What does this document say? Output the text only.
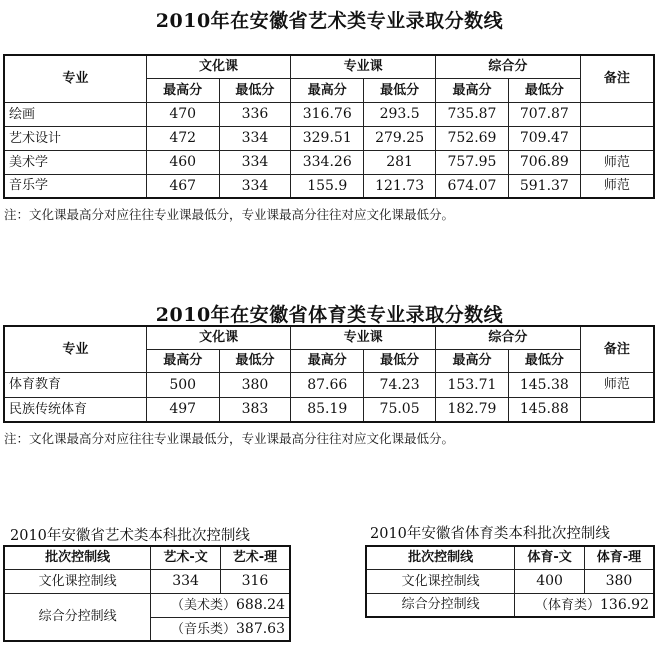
2010年在安徽省艺术类专业录取分数线
专业	文化课		专业课		综合分		备注
	最高分	最低分	最高分	最低分	最高分	最低分	
绘画	470	336	316.76	293.5	735.87	707.87	
艺术设计	472	334	329.51	279.25	752.69	709.47	
美术学	460	334	334.26	281	757.95	706.89	师范
音乐学	467	334	155.9	121.73	674.07	591.37	师范
注：文化课最高分对应往往专业课最低分，专业课最高分往往对应文化课最低分。
2010年在安徽省体育类专业录取分数线
专业	文化课		专业课		综合分		备注
	最高分	最低分	最高分	最低分	最高分	最低分	
体育教育	500	380	87.66	74.23	153.71	145.38	师范
民族传统体育	497	383	85.19	75.05	182.79	145.88	
注：文化课最高分对应往往专业课最低分，专业课最高分往往对应文化课最低分。
2010年安徽省艺术类本科批次控制线
批次控制线	艺术-文	艺术-理
文化课控制线	334	316
综合分控制线	（美术类）688.24	
	（音乐类）387.63	
2010年安徽省体育类本科批次控制线
批次控制线	体育-文	体育-理
文化课控制线	400	380
综合分控制线	（体育类）136.92	
